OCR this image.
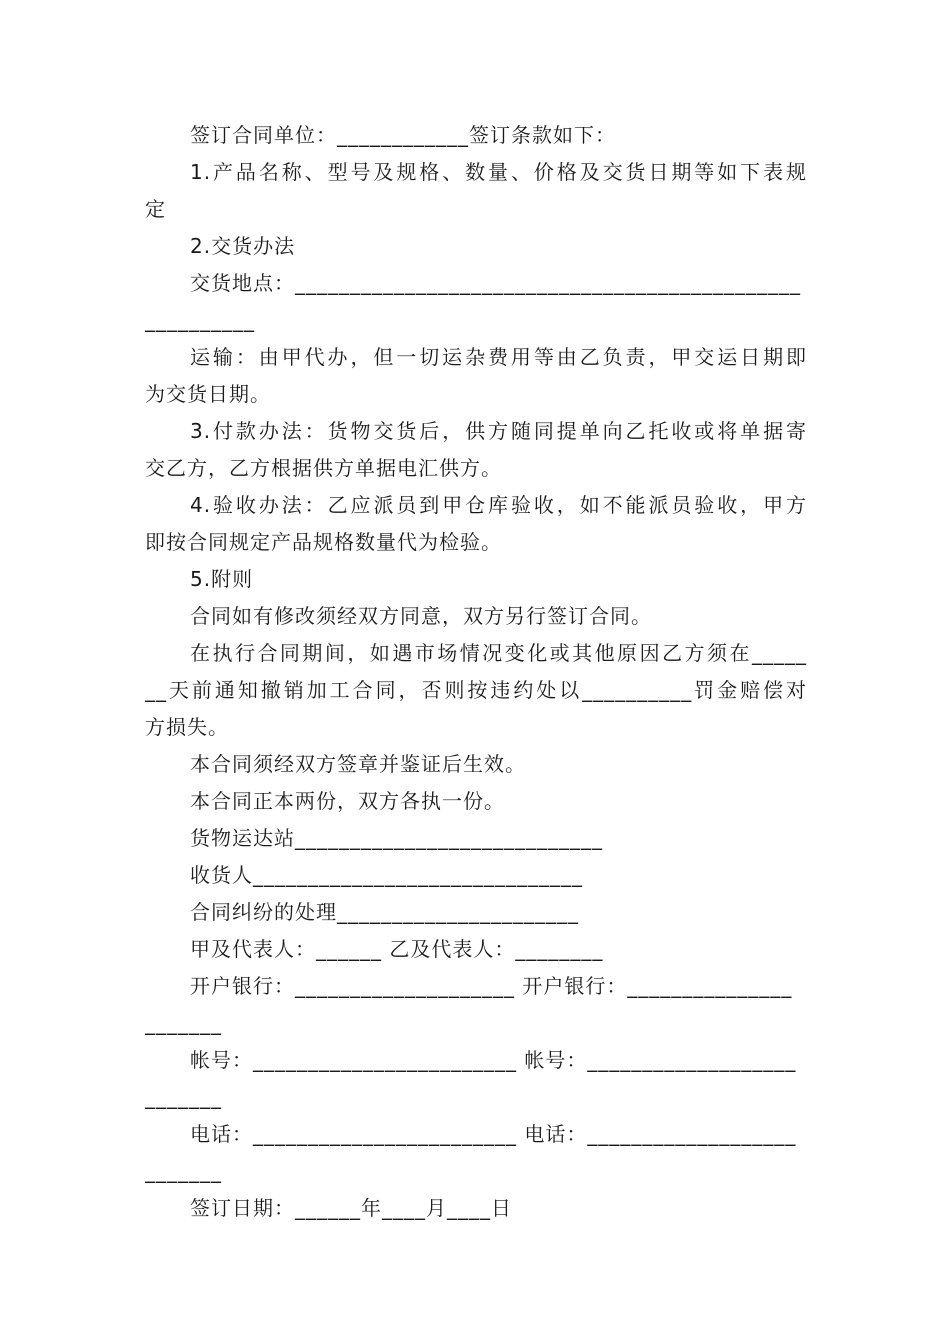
签订合同单位：____________签订条款如下：
1.产品名称、型号及规格、数量、价格及交货日期等如下表规
定
2.交货办法
交货地点：______________________________________________
__________
运输：由甲代办，但一切运杂费用等由乙负责，甲交运日期即
为交货日期。
3.付款办法：货物交货后，供方随同提单向乙托收或将单据寄
交乙方，乙方根据供方单据电汇供方。
4.验收办法：乙应派员到甲仓库验收，如不能派员验收，甲方
即按合同规定产品规格数量代为检验。
5.附则
合同如有修改须经双方同意，双方另行签订合同。
在执行合同期间，如遇市场情况变化或其他原因乙方须在_____
__天前通知撤销加工合同，否则按违约处以__________罚金赔偿对
方损失。
本合同须经双方签章并鉴证后生效。
本合同正本两份，双方各执一份。
货物运达站____________________________
收货人______________________________
合同纠纷的处理______________________
甲及代表人：______ 乙及代表人：________
开户银行：____________________ 开户银行：_______________
_______
帐号：________________________ 帐号：___________________
_______
电话：________________________ 电话：___________________
_______
签订日期：______年____月____日
